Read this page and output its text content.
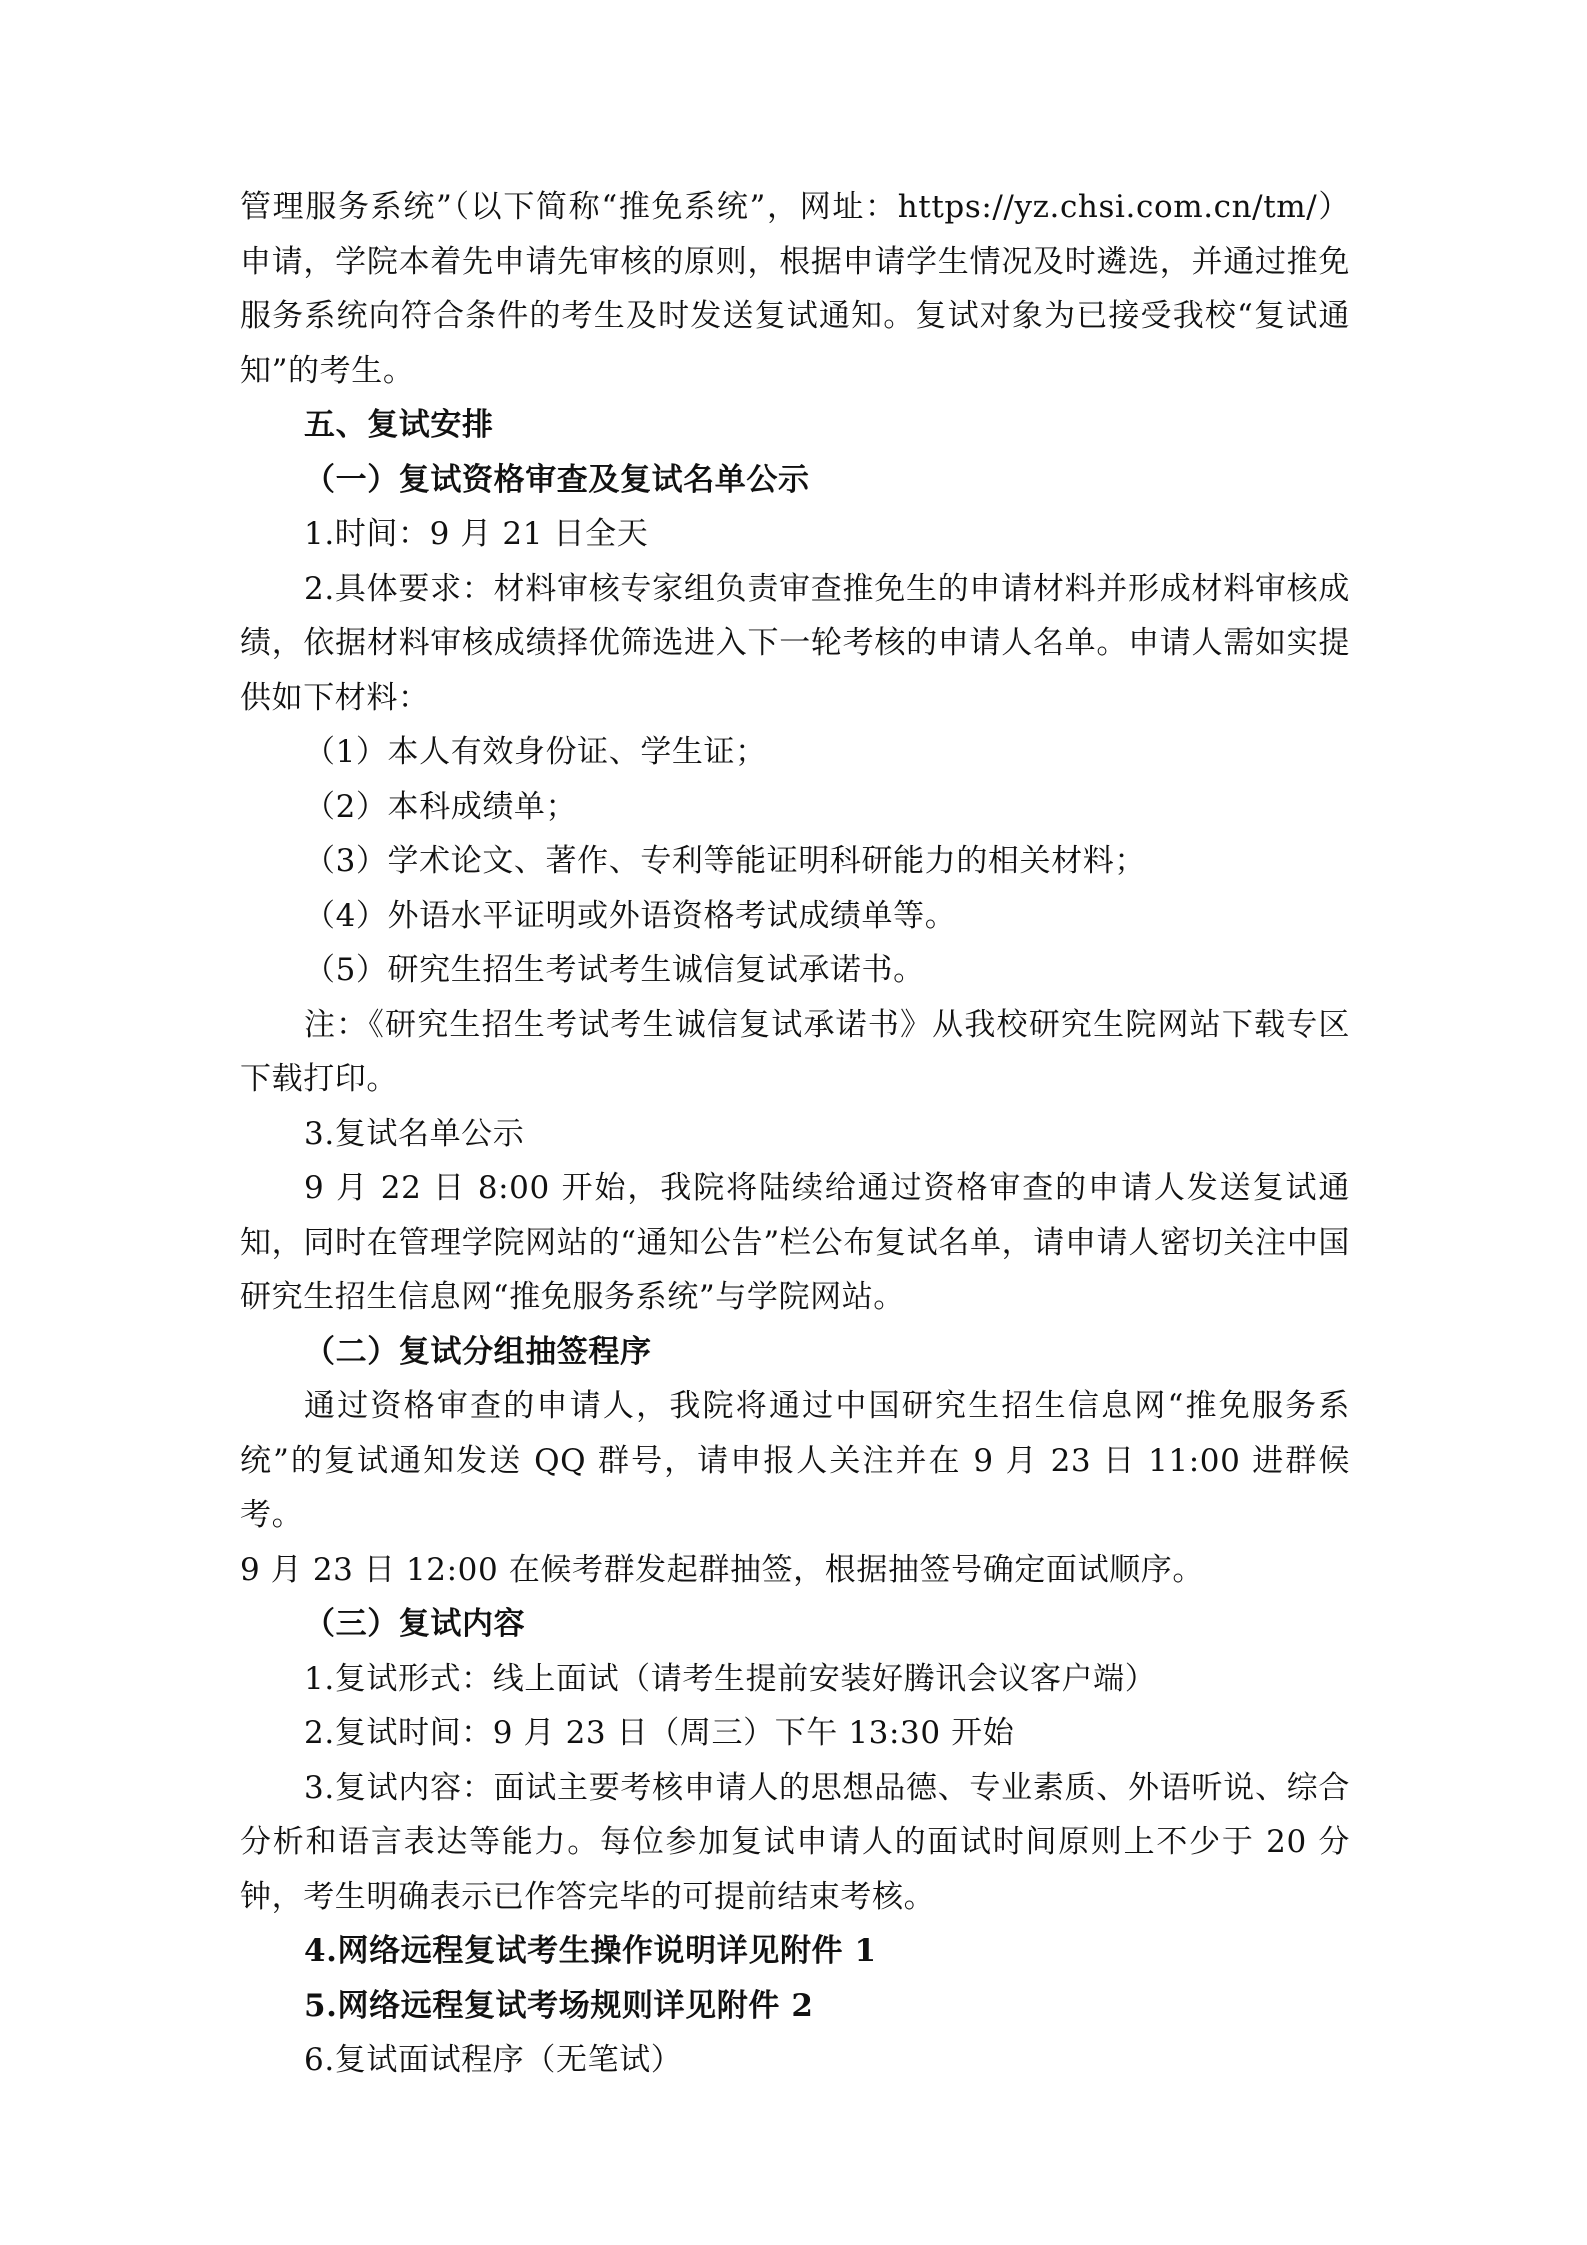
管理服务系统”（以下简称“推免系统”，网址：https://yz.chsi.com.cn/tm/）申请，学院本着先申请先审核的原则，根据申请学生情况及时遴选，并通过推免服务系统向符合条件的考生及时发送复试通知。复试对象为已接受我校“复试通知”的考生。

五、复试安排

（一）复试资格审查及复试名单公示

1.时间：9 月 21 日全天

2.具体要求：材料审核专家组负责审查推免生的申请材料并形成材料审核成绩，依据材料审核成绩择优筛选进入下一轮考核的申请人名单。申请人需如实提供如下材料：

（1）本人有效身份证、学生证；

（2）本科成绩单；

（3）学术论文、著作、专利等能证明科研能力的相关材料；

（4）外语水平证明或外语资格考试成绩单等。

（5）研究生招生考试考生诚信复试承诺书。

注：《研究生招生考试考生诚信复试承诺书》从我校研究生院网站下载专区下载打印。

3.复试名单公示

9 月 22 日 8:00 开始，我院将陆续给通过资格审查的申请人发送复试通知，同时在管理学院网站的“通知公告”栏公布复试名单，请申请人密切关注中国研究生招生信息网“推免服务系统”与学院网站。

（二）复试分组抽签程序

通过资格审查的申请人，我院将通过中国研究生招生信息网“推免服务系统”的复试通知发送 QQ 群号，请申报人关注并在 9 月 23 日 11:00 进群候考。

9 月 23 日 12:00 在候考群发起群抽签，根据抽签号确定面试顺序。

（三）复试内容

1.复试形式：线上面试（请考生提前安装好腾讯会议客户端）

2.复试时间：9 月 23 日（周三）下午 13:30 开始

3.复试内容：面试主要考核申请人的思想品德、专业素质、外语听说、综合分析和语言表达等能力。每位参加复试申请人的面试时间原则上不少于 20 分钟，考生明确表示已作答完毕的可提前结束考核。

4.网络远程复试考生操作说明详见附件 1

5.网络远程复试考场规则详见附件 2

6.复试面试程序（无笔试）
